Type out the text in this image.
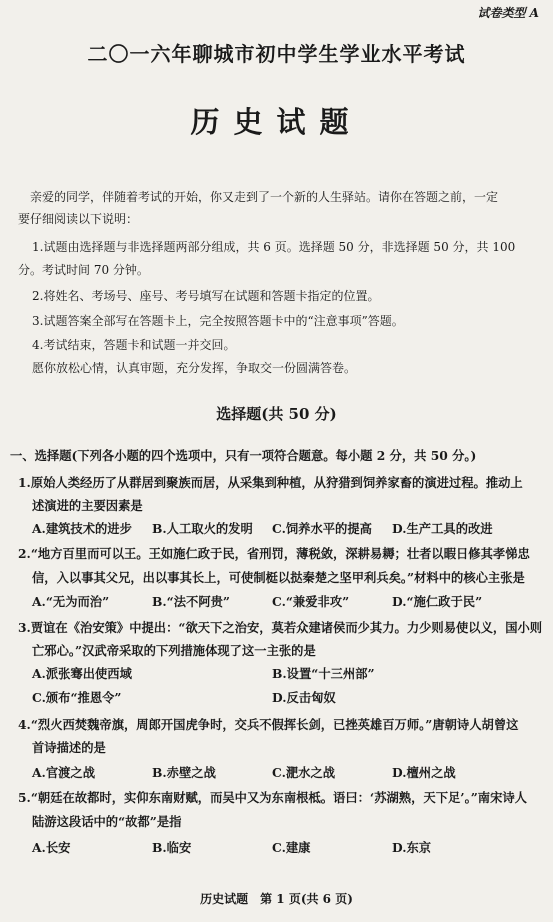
试卷类型 A
二〇一六年聊城市初中学生学业水平考试
历史试题
亲爱的同学，伴随着考试的开始，你又走到了一个新的人生驿站。请你在答题之前，一定
要仔细阅读以下说明：
1.试题由选择题与非选择题两部分组成，共 6 页。选择题 50 分，非选择题 50 分，共 100
分。考试时间 70 分钟。
2.将姓名、考场号、座号、考号填写在试题和答题卡指定的位置。
3.试题答案全部写在答题卡上，完全按照答题卡中的“注意事项”答题。
4.考试结束，答题卡和试题一并交回。
愿你放松心情，认真审题，充分发挥，争取交一份圆满答卷。
选择题(共 50 分)
一、选择题(下列各小题的四个选项中，只有一项符合题意。每小题 2 分，共 50 分。)
1.原始人类经历了从群居到聚族而居，从采集到种植，从狩猎到饲养家畜的演进过程。推动上
述演进的主要因素是
A.建筑技术的进步 B.人工取火的发明 C.饲养水平的提高 D.生产工具的改进
2.“地方百里而可以王。王如施仁政于民，省刑罚，薄税敛，深耕易耨；壮者以暇日修其孝悌忠
信，入以事其父兄，出以事其长上，可使制梃以挞秦楚之坚甲利兵矣。”材料中的核心主张是
A.“无为而治”	B.“法不阿贵”	C.“兼爱非攻”	D.“施仁政于民”
3.贾谊在《治安策》中提出：“欲天下之治安，莫若众建诸侯而少其力。力少则易使以义，国小则
亡邪心。”汉武帝采取的下列措施体现了这一主张的是
A.派张骞出使西域	B.设置“十三州部”
C.颁布“推恩令”	D.反击匈奴
4.“烈火西焚魏帝旗，周郎开国虎争时，交兵不假挥长剑，已挫英雄百万师。”唐朝诗人胡曾这
首诗描述的是
A.官渡之战	B.赤壁之战	C.淝水之战	D.檀州之战
5.“朝廷在故都时，实仰东南财赋，而吴中又为东南根柢。语曰：‘苏湖熟，天下足’。”南宋诗人
陆游这段话中的“故都”是指
A.长安	B.临安	C.建康	D.东京
历史试题　第 1 页(共 6 页)
